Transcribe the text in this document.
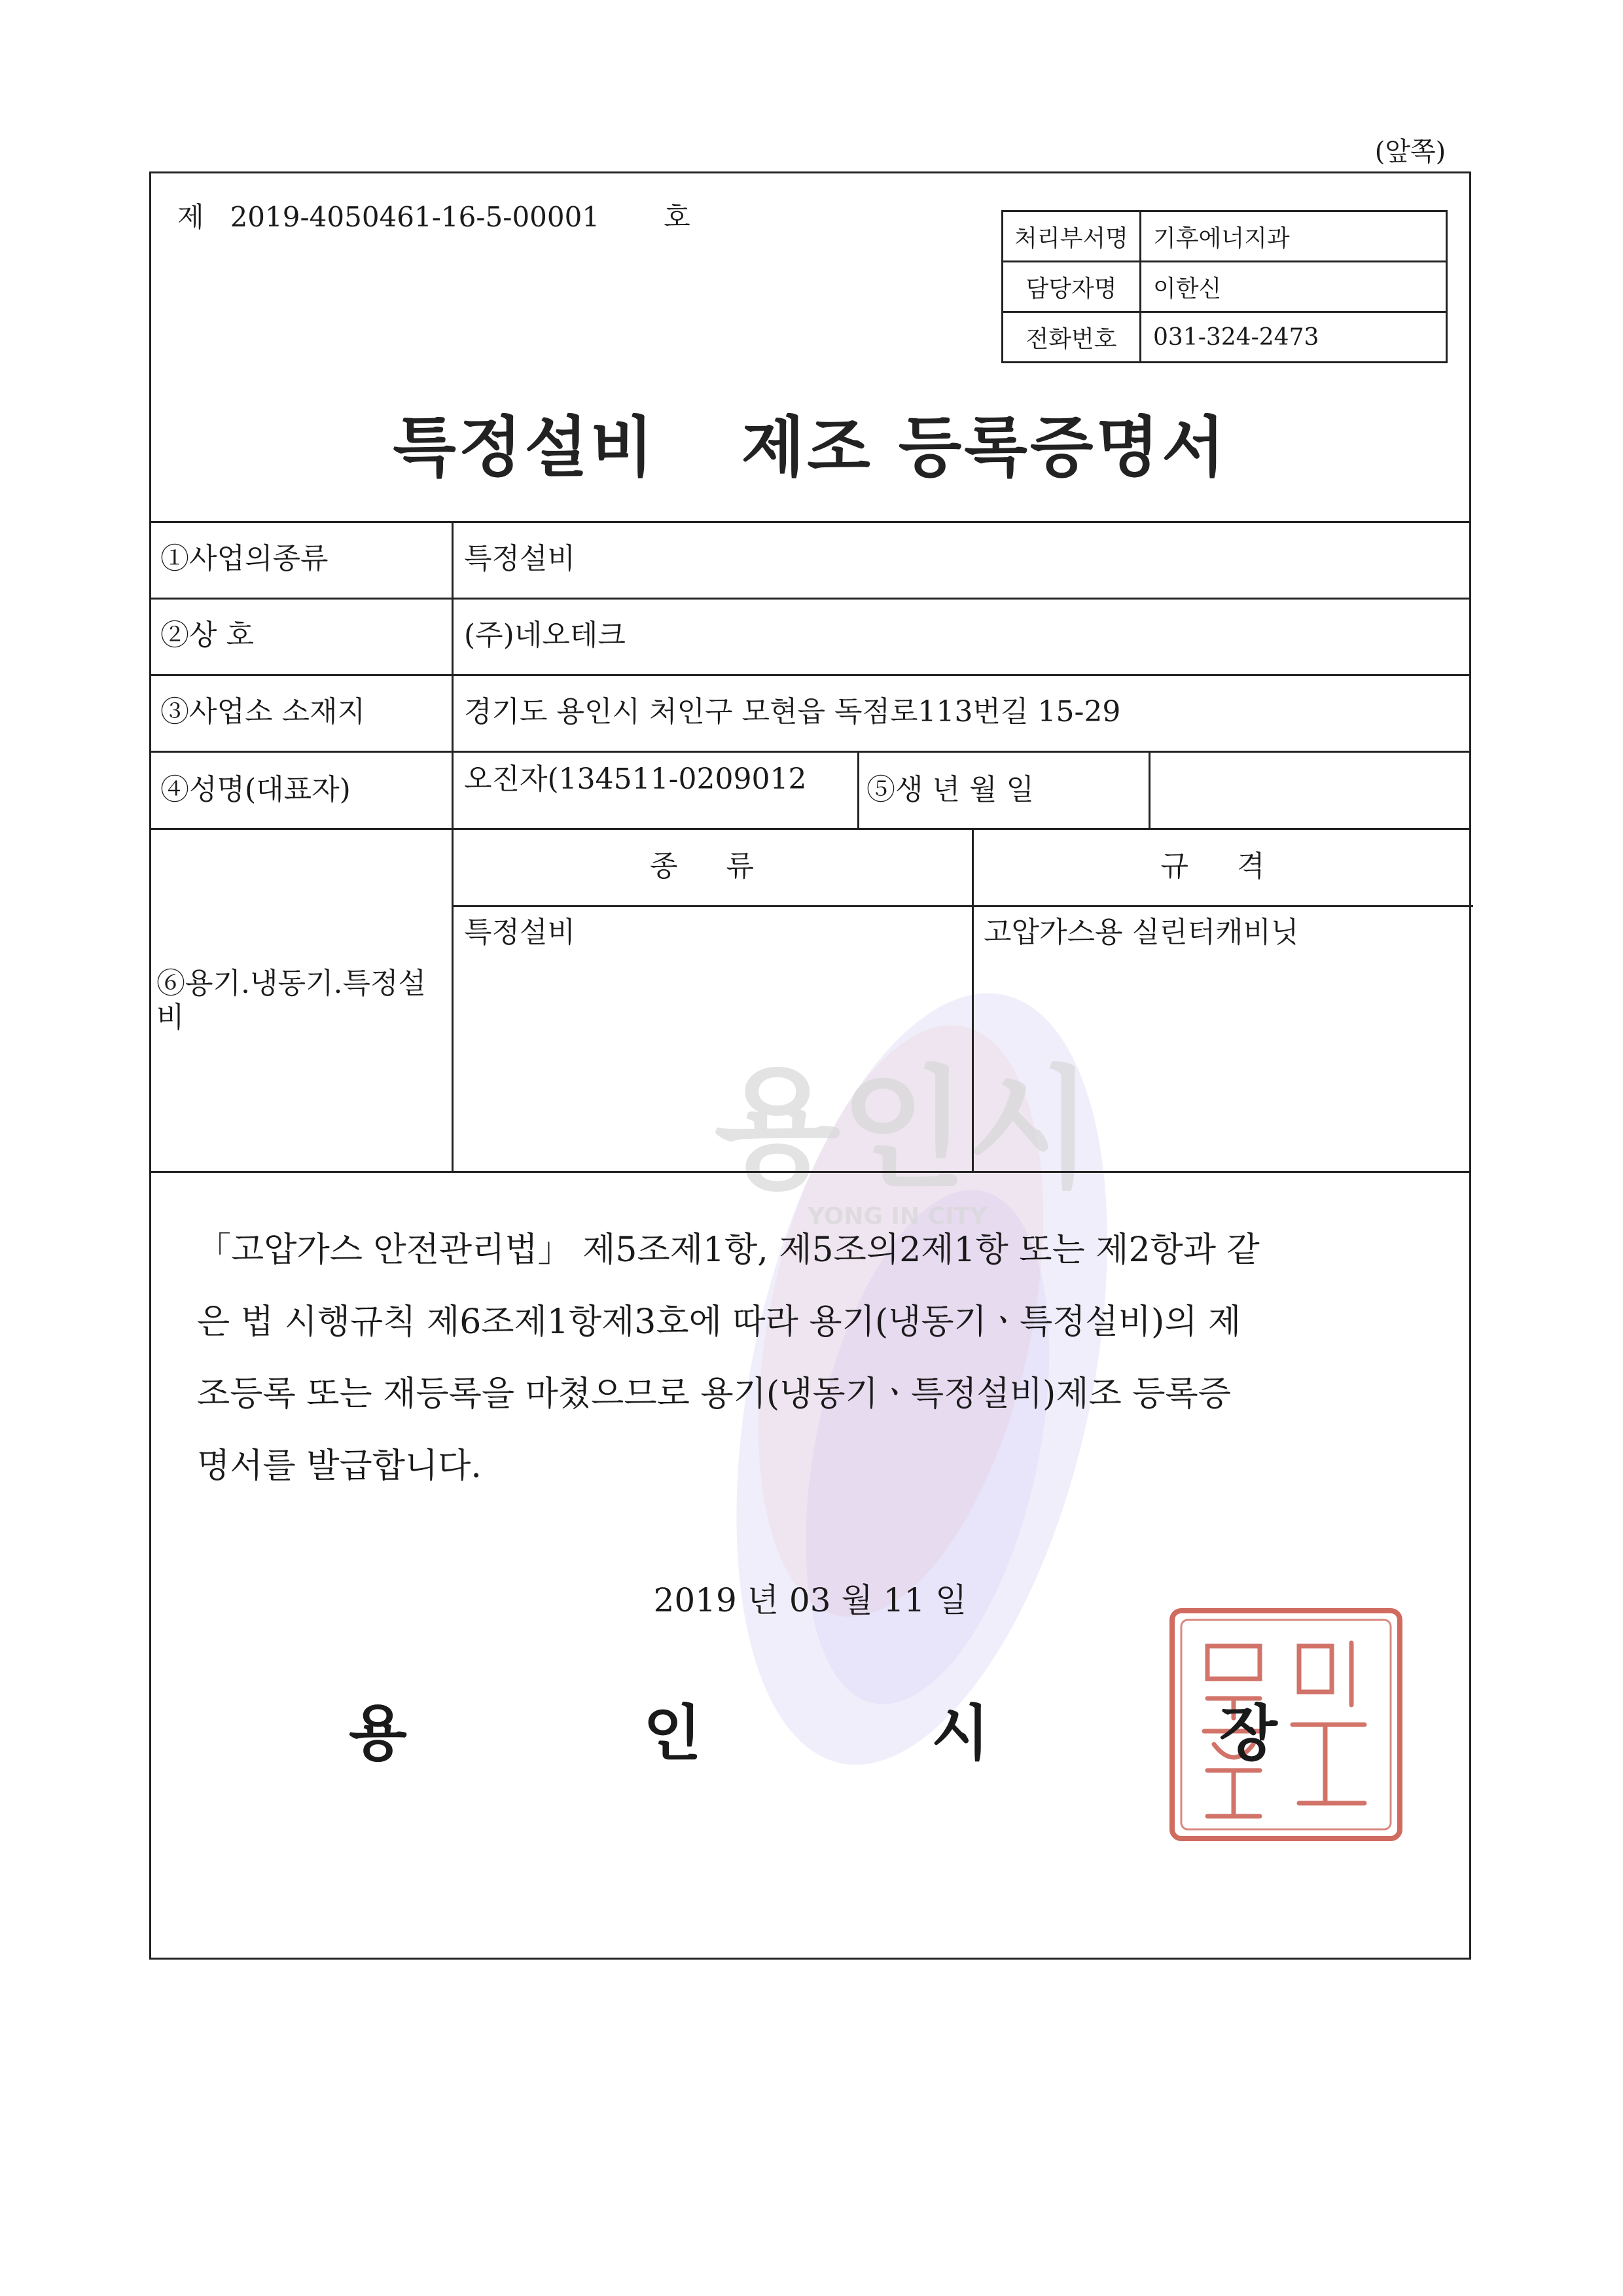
(앞쪽)
용인시
YONG IN CITY
제 2019-4050461-16-5-00001 호
처리부서명	기후에너지과
담당자명	이한신
전화번호	031-324-2473
특정설비 제조 등록증명서
①사업의종류	특정설비
②상 호	(주)네오테크
③사업소 소재지	경기도 용인시 처인구 모현읍 독점로113번길 15-29
④성명(대표자)	오진자(134511-0209012 ⑤생 년 월 일
종 류	규 격
⑥용기.냉동기.특정설비
특정설비	고압가스용 실린터캐비닛
「고압가스 안전관리법」 제5조제1항, 제5조의2제1항 또는 제2항과 같
은 법 시행규칙 제6조제1항제3호에 따라 용기(냉동기ㆍ특정설비)의 제
조등록 또는 재등록을 마쳤으므로 용기(냉동기ㆍ특정설비)제조 등록증
명서를 발급합니다.
2019 년 03 월 11 일
용	인	시	장
